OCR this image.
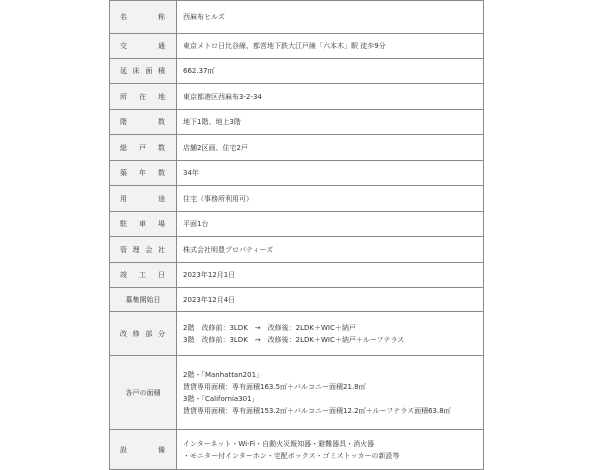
名 称	西麻布ヒルズ

交 通	東京メトロ日比谷線、都営地下鉄大江戸線「六本木」駅 徒歩9分

延 床 面 積	662.37㎡

所 在 地	東京都港区西麻布3-2-34

階 数	地下1階、地上3階

総 戸 数	店舗2区画、住宅2戸

築 年 数	34年

用 途	住宅（事務所利用可）

駐 車 場	平面1台

管 理 会 社	株式会社明豊プロパティーズ

竣 工 日	2023年12月1日

募集開始日	2023年12月4日

改 修 部 分	2階　改修前：3LDK　→　改修後：2LDK＋WIC＋納戸
3階　改修前：3LDK　→　改修後：2LDK＋WIC＋納戸＋ルーフテラス

各戸の面積	2階・「Manhattan201」
賃貸専用面積：専有面積163.5㎡＋バルコニー面積21.8㎡
3階・「California301」
賃貸専用面積：専有面積153.2㎡＋バルコニー面積12.2㎡＋ルーフテラス面積63.8㎡

設 備	インターネット・Wi-Fi・自動火災報知器・避難器具・消火器
・モニター付インターホン・宅配ボックス・ゴミストッカーの新設等
